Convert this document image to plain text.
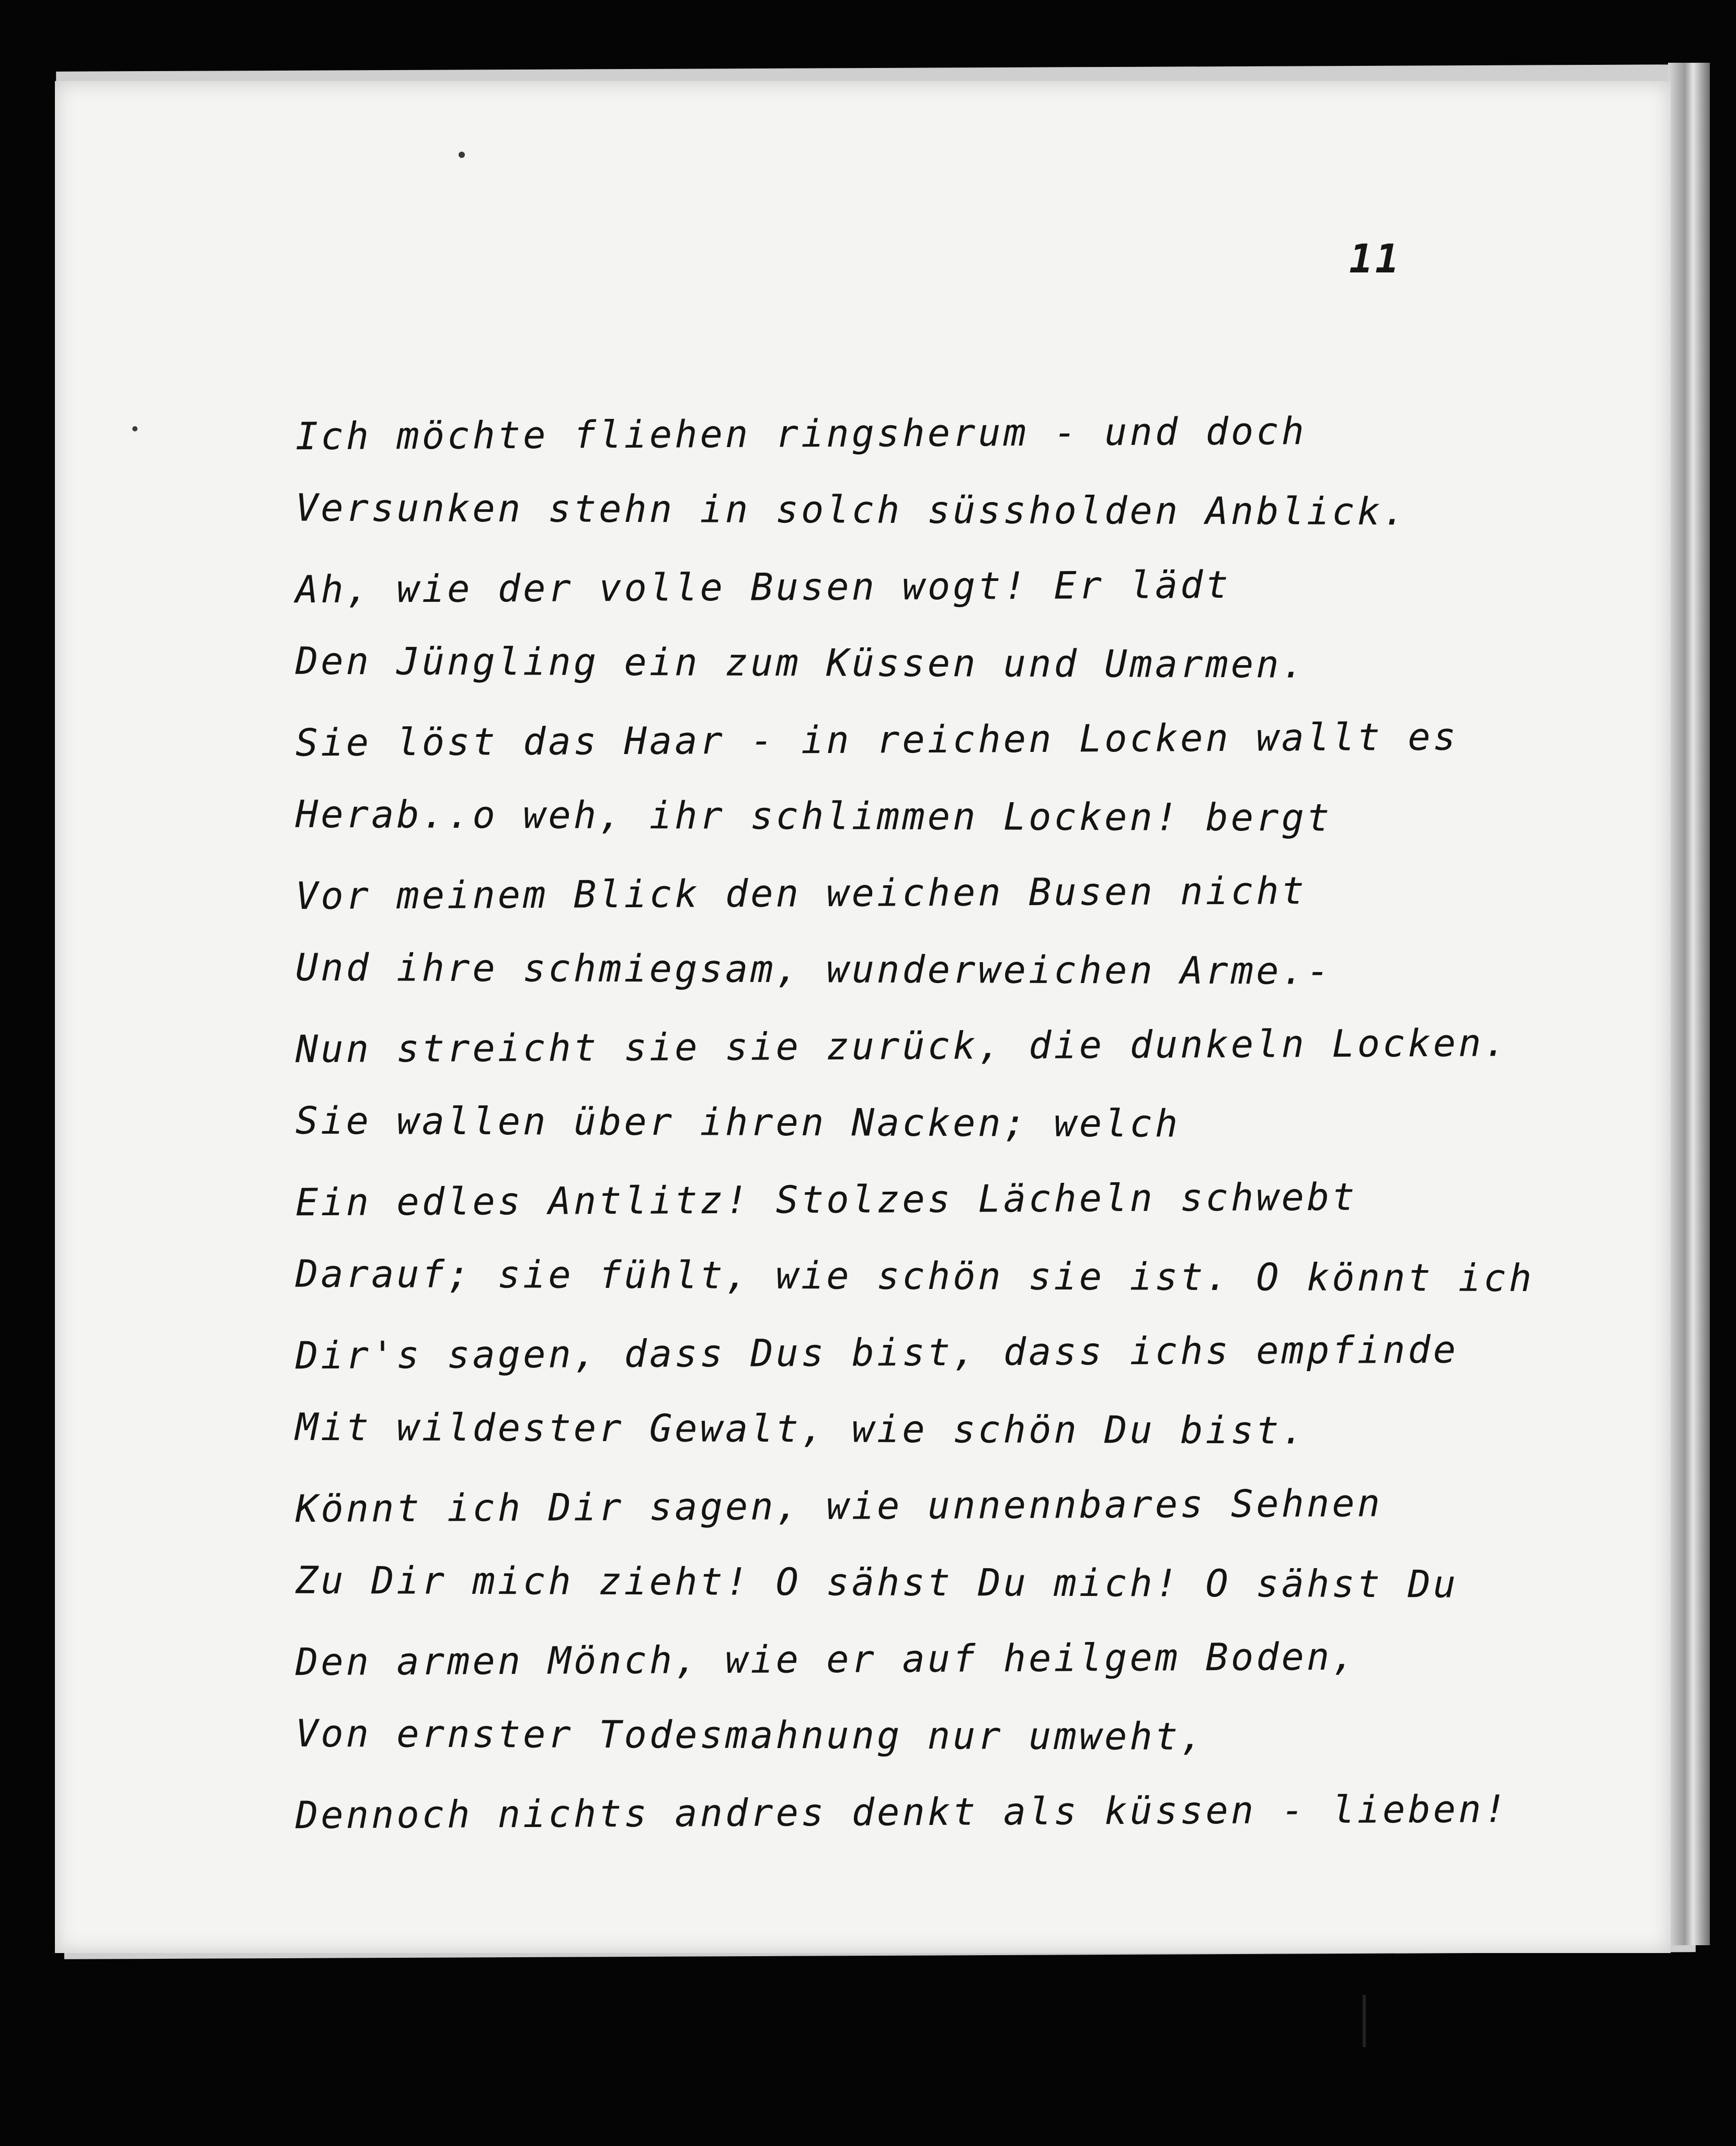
11
Ich möchte fliehen ringsherum - und doch
Versunken stehn in solch süssholden Anblick.
Ah, wie der volle Busen wogt! Er lädt
Den Jüngling ein zum Küssen und Umarmen.
Sie löst das Haar - in reichen Locken wallt es
Herab..o weh, ihr schlimmen Locken! bergt
Vor meinem Blick den weichen Busen nicht
Und ihre schmiegsam, wunderweichen Arme.-
Nun streicht sie sie zurück, die dunkeln Locken.
Sie wallen über ihren Nacken; welch
Ein edles Antlitz! Stolzes Lächeln schwebt
Darauf; sie fühlt, wie schön sie ist. O könnt ich
Dir's sagen, dass Dus bist, dass ichs empfinde
Mit wildester Gewalt, wie schön Du bist.
Könnt ich Dir sagen, wie unnennbares Sehnen
Zu Dir mich zieht! O sähst Du mich! O sähst Du
Den armen Mönch, wie er auf heilgem Boden,
Von ernster Todesmahnung nur umweht,
Dennoch nichts andres denkt als küssen - lieben!
